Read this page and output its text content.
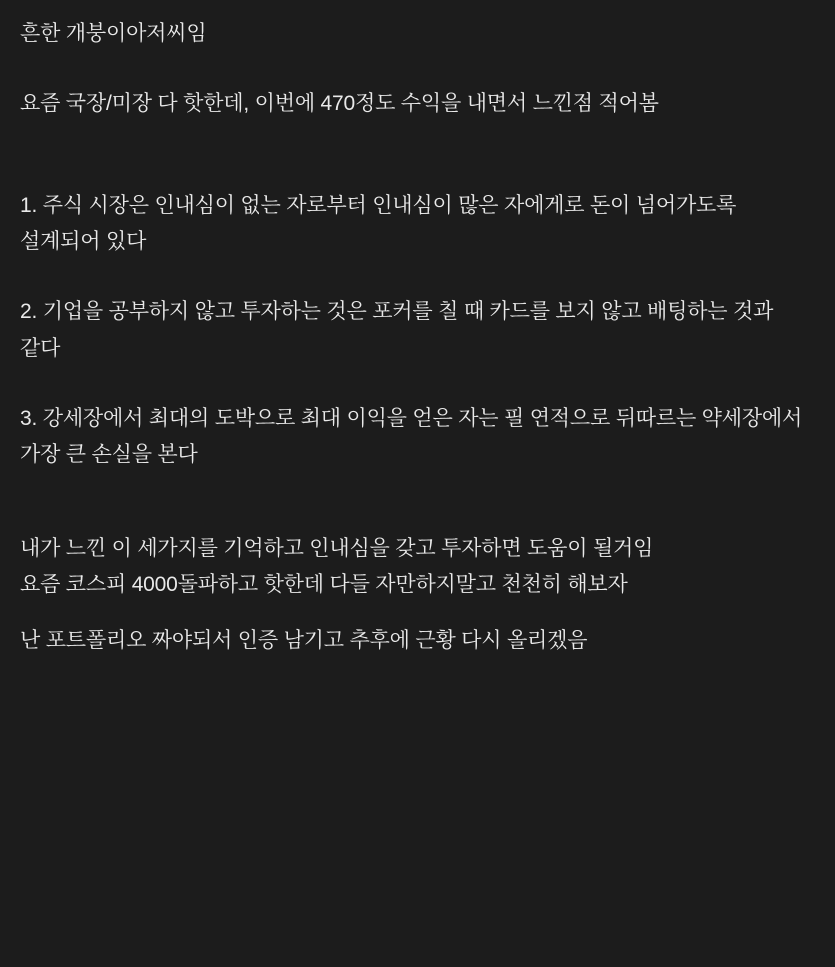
흔한 개붕이아저씨임

요즘 국장/미장 다 핫한데, 이번에 470정도 수익을 내면서 느낀점 적어봄

1. 주식 시장은 인내심이 없는 자로부터 인내심이 많은 자에게로 돈이 넘어가도록 설계되어 있다

2. 기업을 공부하지 않고 투자하는 것은 포커를 칠 때 카드를 보지 않고 배팅하는 것과 같다

3. 강세장에서 최대의 도박으로 최대 이익을 얻은 자는 필 연적으로 뒤따르는 약세장에서 가장 큰 손실을 본다

내가 느낀 이 세가지를 기억하고 인내심을 갖고 투자하면 도움이 될거임

요즘 코스피 4000돌파하고 핫한데 다들 자만하지말고 천천히 해보자

난 포트폴리오 짜야되서 인증 남기고 추후에 근황 다시 올리겠음
